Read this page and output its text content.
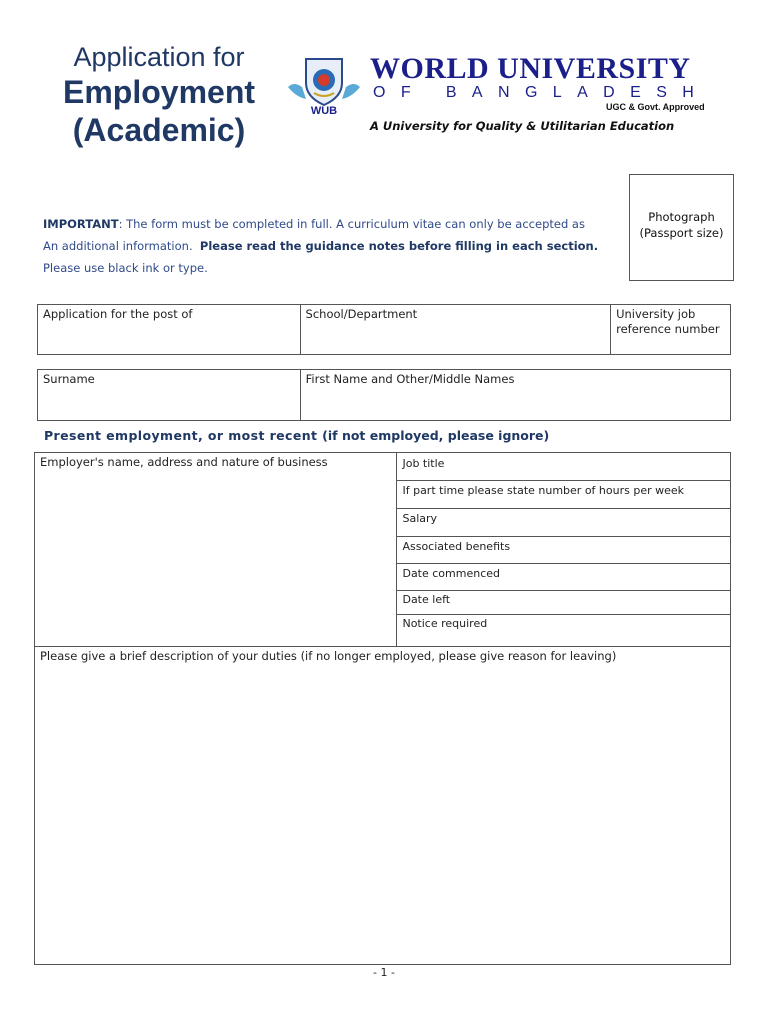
Application for
Employment
(Academic)
WUB
WORLD UNIVERSITY
OF BANGLADESH
UGC & Govt. Approved
A University for Quality & Utilitarian Education
IMPORTANT: The form must be completed in full. A curriculum vitae can only be accepted as
An additional information. Please read the guidance notes before filling in each section.
Please use black ink or type.
Photograph
(Passport size)
Application for the post of	School/Department	University job reference number
Surname	First Name and Other/Middle Names
Present employment, or most recent (if not employed, please ignore)
Employer's name, address and nature of business	Job title
If part time please state number of hours per week
Salary
Associated benefits
Date commenced
Date left
Notice required
Please give a brief description of your duties (if no longer employed, please give reason for leaving)
- 1 -
